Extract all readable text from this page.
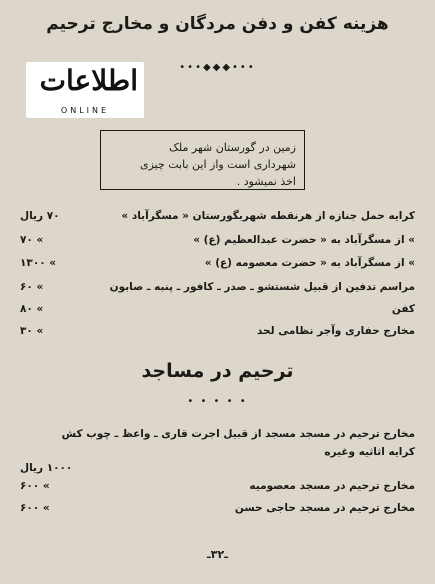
هزینه کفن و دفن مردگان و مخارج ترحیم
•••◆◆◆•••
اطلاعات
ONLINE
زمین در گورستان شهر ملک
شهرداری است واز این بابت چیزی
اخذ نمیشود .
۷۰ ریال	کرایه حمل جنازه از هرنقطه شهربگورستان « مسگرآباد »
» ۷۰	» از مسگرآباد به « حضرت عبدالعظیم (ع) »
» ۱۳۰۰	» از مسگرآباد به « حضرت معصومه (ع) »
» ۶۰	مراسم تدفین از قبیل شستشو ـ صدر ـ کافور ـ پنبه ـ صابون
» ۸۰	کفن
» ۳۰	مخارج حفاری وآجر نظامی لحد
ترحیم در مساجد
• • • • •
مخارج ترحیم در مسجد مسجد از قبیل اجرت قاری ـ واعظ ـ چوب کش
کرایه اثاثیه وغیره
۱۰۰۰ ریال
» ۶۰۰	مخارج ترحیم در مسجد معصومیه
» ۶۰۰	مخارج ترحیم در مسجد حاجی حسن
ـ۳۲ـ
